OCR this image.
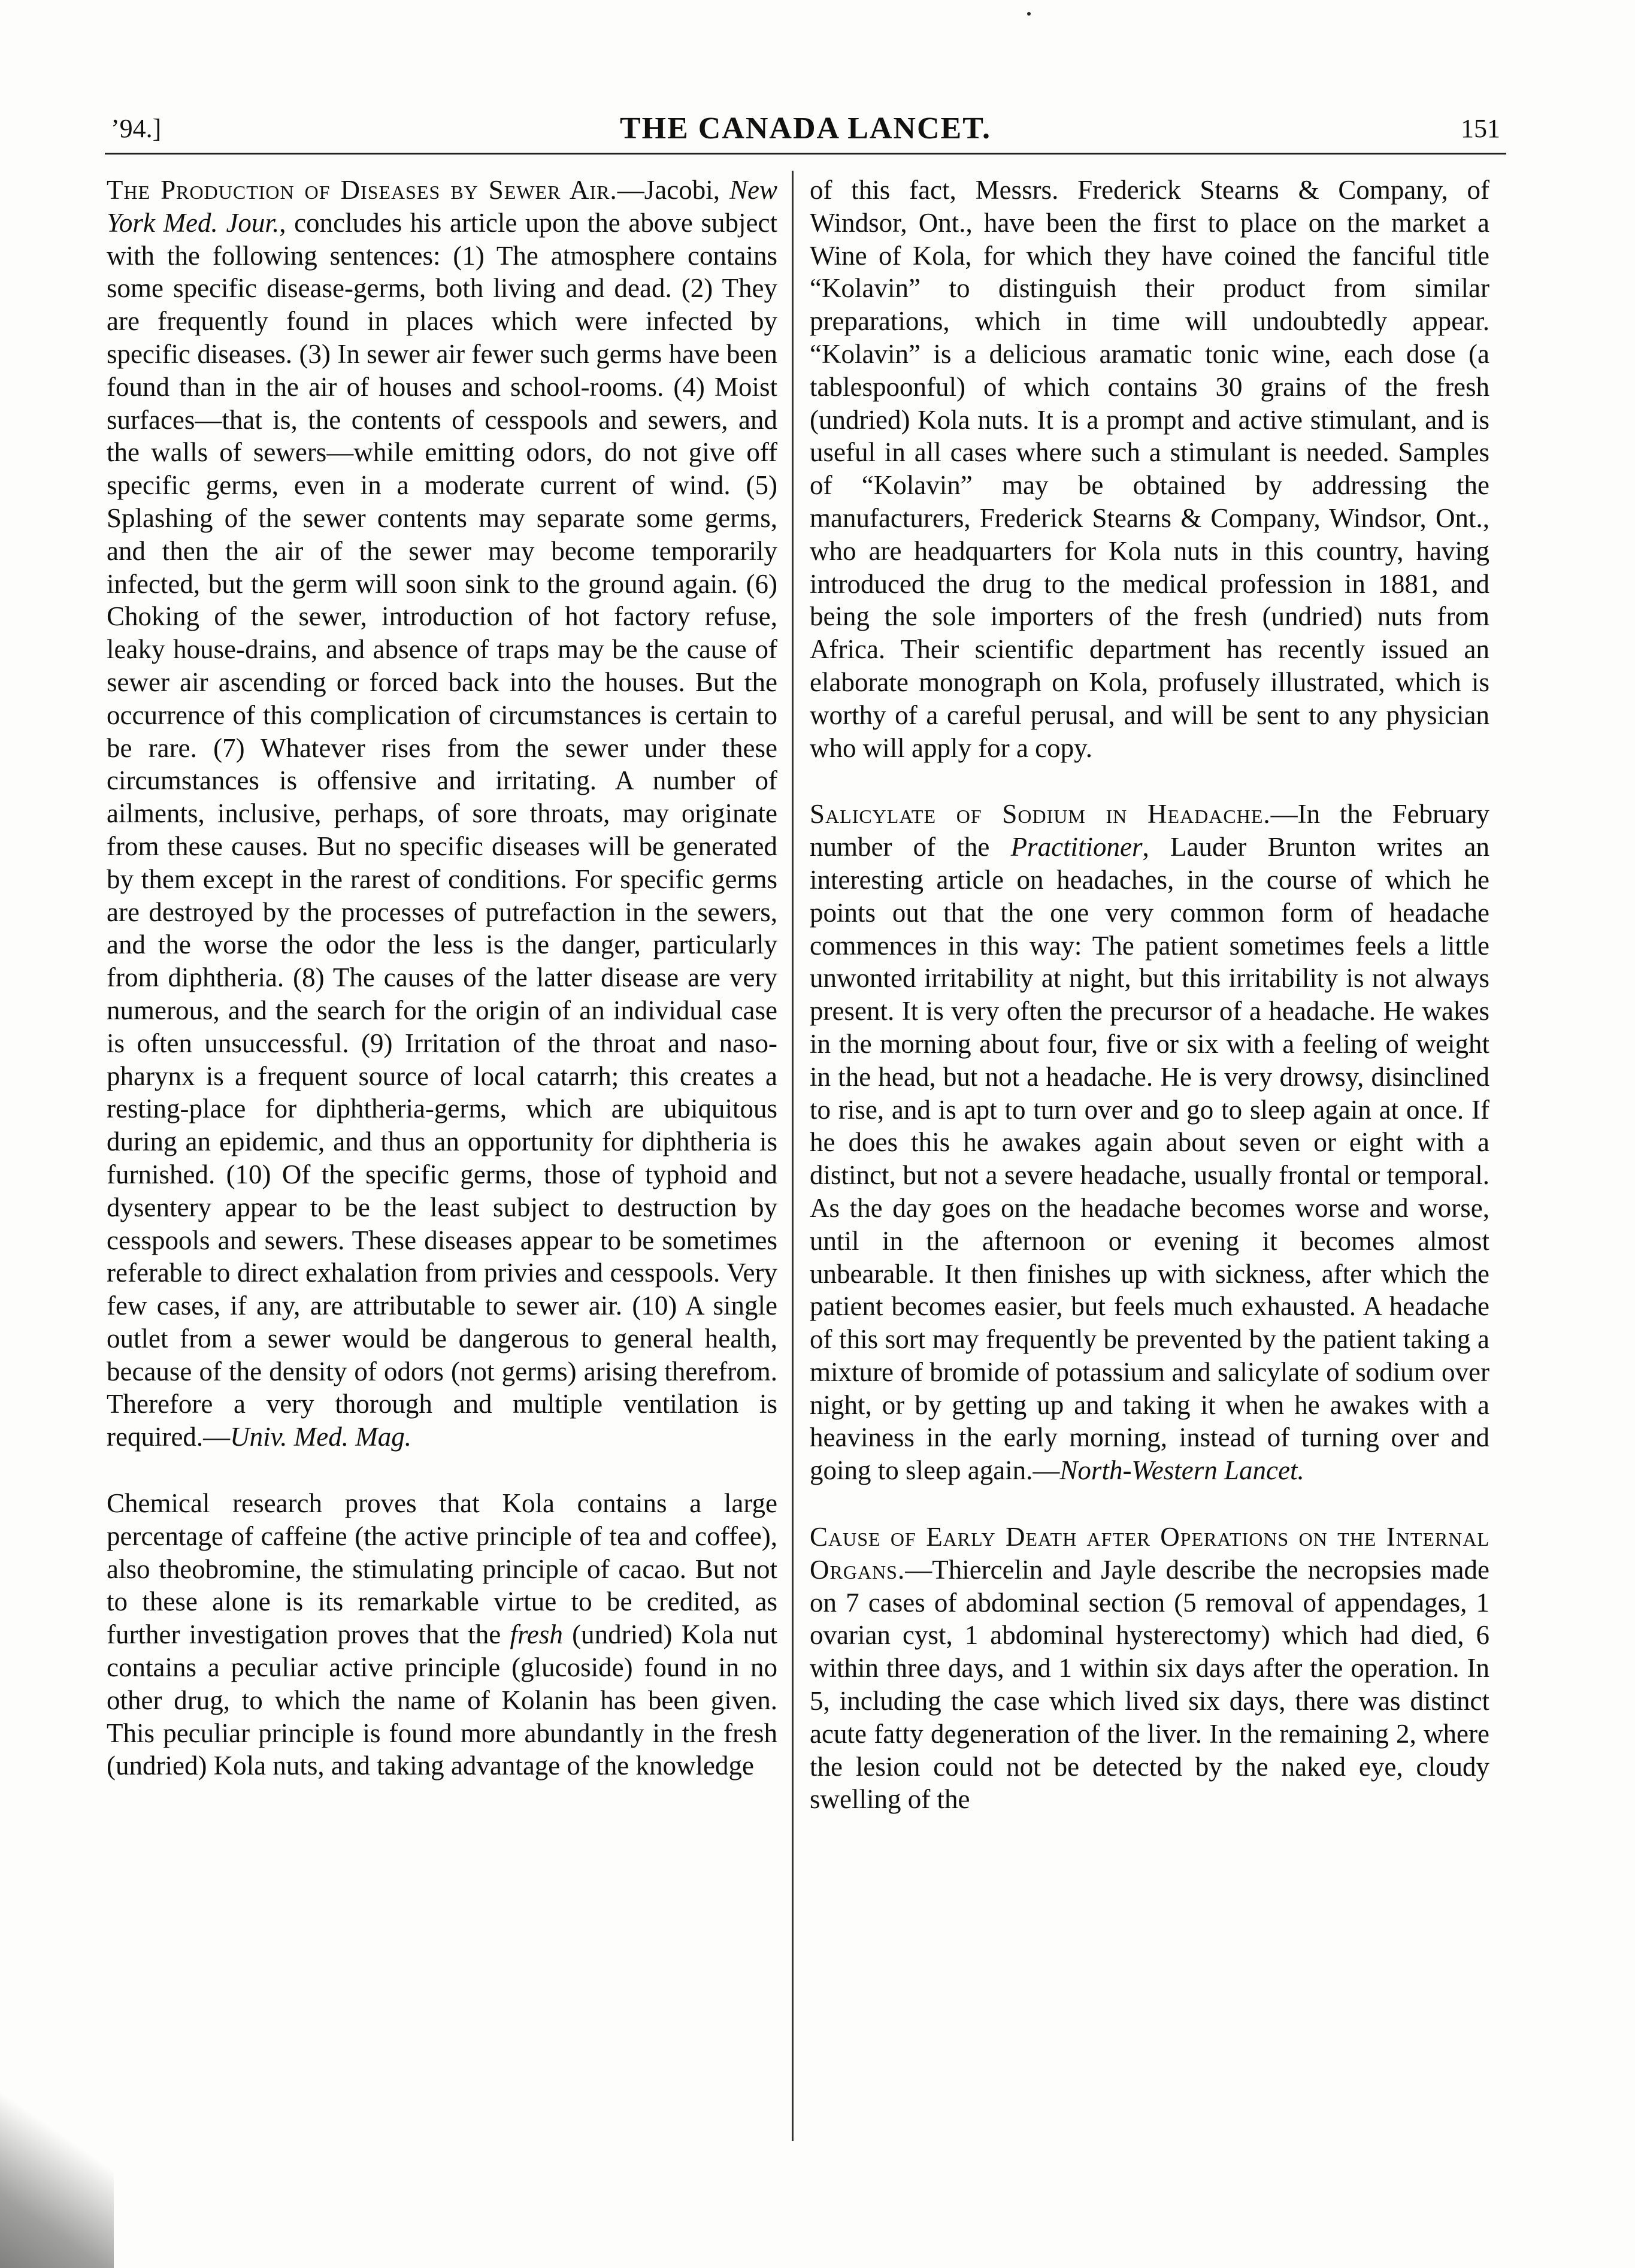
THE CANADA LANCET.
’94.]	151

The Production of Diseases by Sewer Air.—Jacobi, New York Med. Jour., concludes his article upon the above subject with the following sentences: (1) The atmosphere contains some specific disease-germs, both living and dead. (2) They are frequently found in places which were infected by specific diseases. (3) In sewer air fewer such germs have been found than in the air of houses and school-rooms. (4) Moist surfaces—that is, the contents of cesspools and sewers, and the walls of sewers—while emitting odors, do not give off specific germs, even in a moderate current of wind. (5) Splashing of the sewer contents may separate some germs, and then the air of the sewer may become temporarily infected, but the germ will soon sink to the ground again. (6) Choking of the sewer, introduction of hot factory refuse, leaky house-drains, and absence of traps may be the cause of sewer air ascending or forced back into the houses. But the occurrence of this complication of circumstances is certain to be rare. (7) Whatever rises from the sewer under these circumstances is offensive and irritating. A number of ailments, inclusive, perhaps, of sore throats, may originate from these causes. But no specific diseases will be generated by them except in the rarest of conditions. For specific germs are destroyed by the processes of putrefaction in the sewers, and the worse the odor the less is the danger, particularly from diphtheria. (8) The causes of the latter disease are very numerous, and the search for the origin of an individual case is often unsuccessful. (9) Irritation of the throat and naso-pharynx is a frequent source of local catarrh; this creates a resting-place for diphtheria-germs, which are ubiquitous during an epidemic, and thus an opportunity for diphtheria is furnished. (10) Of the specific germs, those of typhoid and dysentery appear to be the least subject to destruction by cesspools and sewers. These diseases appear to be sometimes referable to direct exhalation from privies and cesspools. Very few cases, if any, are attributable to sewer air. (10) A single outlet from a sewer would be dangerous to general health, because of the density of odors (not germs) arising therefrom. Therefore a very thorough and multiple ventilation is required.—Univ. Med. Mag.

Chemical research proves that Kola contains a large percentage of caffeine (the active principle of tea and coffee), also theobromine, the stimulating principle of cacao. But not to these alone is its remarkable virtue to be credited, as further investigation proves that the fresh (undried) Kola nut contains a peculiar active principle (glucoside) found in no other drug, to which the name of Kolanin has been given. This peculiar principle is found more abundantly in the fresh (undried) Kola nuts, and taking advantage of the knowledge

of this fact, Messrs. Frederick Stearns & Company, of Windsor, Ont., have been the first to place on the market a Wine of Kola, for which they have coined the fanciful title “Kolavin” to distinguish their product from similar preparations, which in time will undoubtedly appear. “Kolavin” is a delicious aramatic tonic wine, each dose (a tablespoonful) of which contains 30 grains of the fresh (undried) Kola nuts. It is a prompt and active stimulant, and is useful in all cases where such a stimulant is needed. Samples of “Kolavin” may be obtained by addressing the manufacturers, Frederick Stearns & Company, Windsor, Ont., who are headquarters for Kola nuts in this country, having introduced the drug to the medical profession in 1881, and being the sole importers of the fresh (undried) nuts from Africa. Their scientific department has recently issued an elaborate monograph on Kola, profusely illustrated, which is worthy of a careful perusal, and will be sent to any physician who will apply for a copy.

Salicylate of Sodium in Headache.—In the February number of the Practitioner, Lauder Brunton writes an interesting article on headaches, in the course of which he points out that the one very common form of headache commences in this way: The patient sometimes feels a little unwonted irritability at night, but this irritability is not always present. It is very often the precursor of a headache. He wakes in the morning about four, five or six with a feeling of weight in the head, but not a headache. He is very drowsy, disinclined to rise, and is apt to turn over and go to sleep again at once. If he does this he awakes again about seven or eight with a distinct, but not a severe headache, usually frontal or temporal. As the day goes on the headache becomes worse and worse, until in the afternoon or evening it becomes almost unbearable. It then finishes up with sickness, after which the patient becomes easier, but feels much exhausted. A headache of this sort may frequently be prevented by the patient taking a mixture of bromide of potassium and salicylate of sodium over night, or by getting up and taking it when he awakes with a heaviness in the early morning, instead of turning over and going to sleep again.—North-Western Lancet.

Cause of Early Death after Operations on the Internal Organs.—Thiercelin and Jayle describe the necropsies made on 7 cases of abdominal section (5 removal of appendages, 1 ovarian cyst, 1 abdominal hysterectomy) which had died, 6 within three days, and 1 within six days after the operation. In 5, including the case which lived six days, there was distinct acute fatty degeneration of the liver. In the remaining 2, where the lesion could not be detected by the naked eye, cloudy swelling of the
